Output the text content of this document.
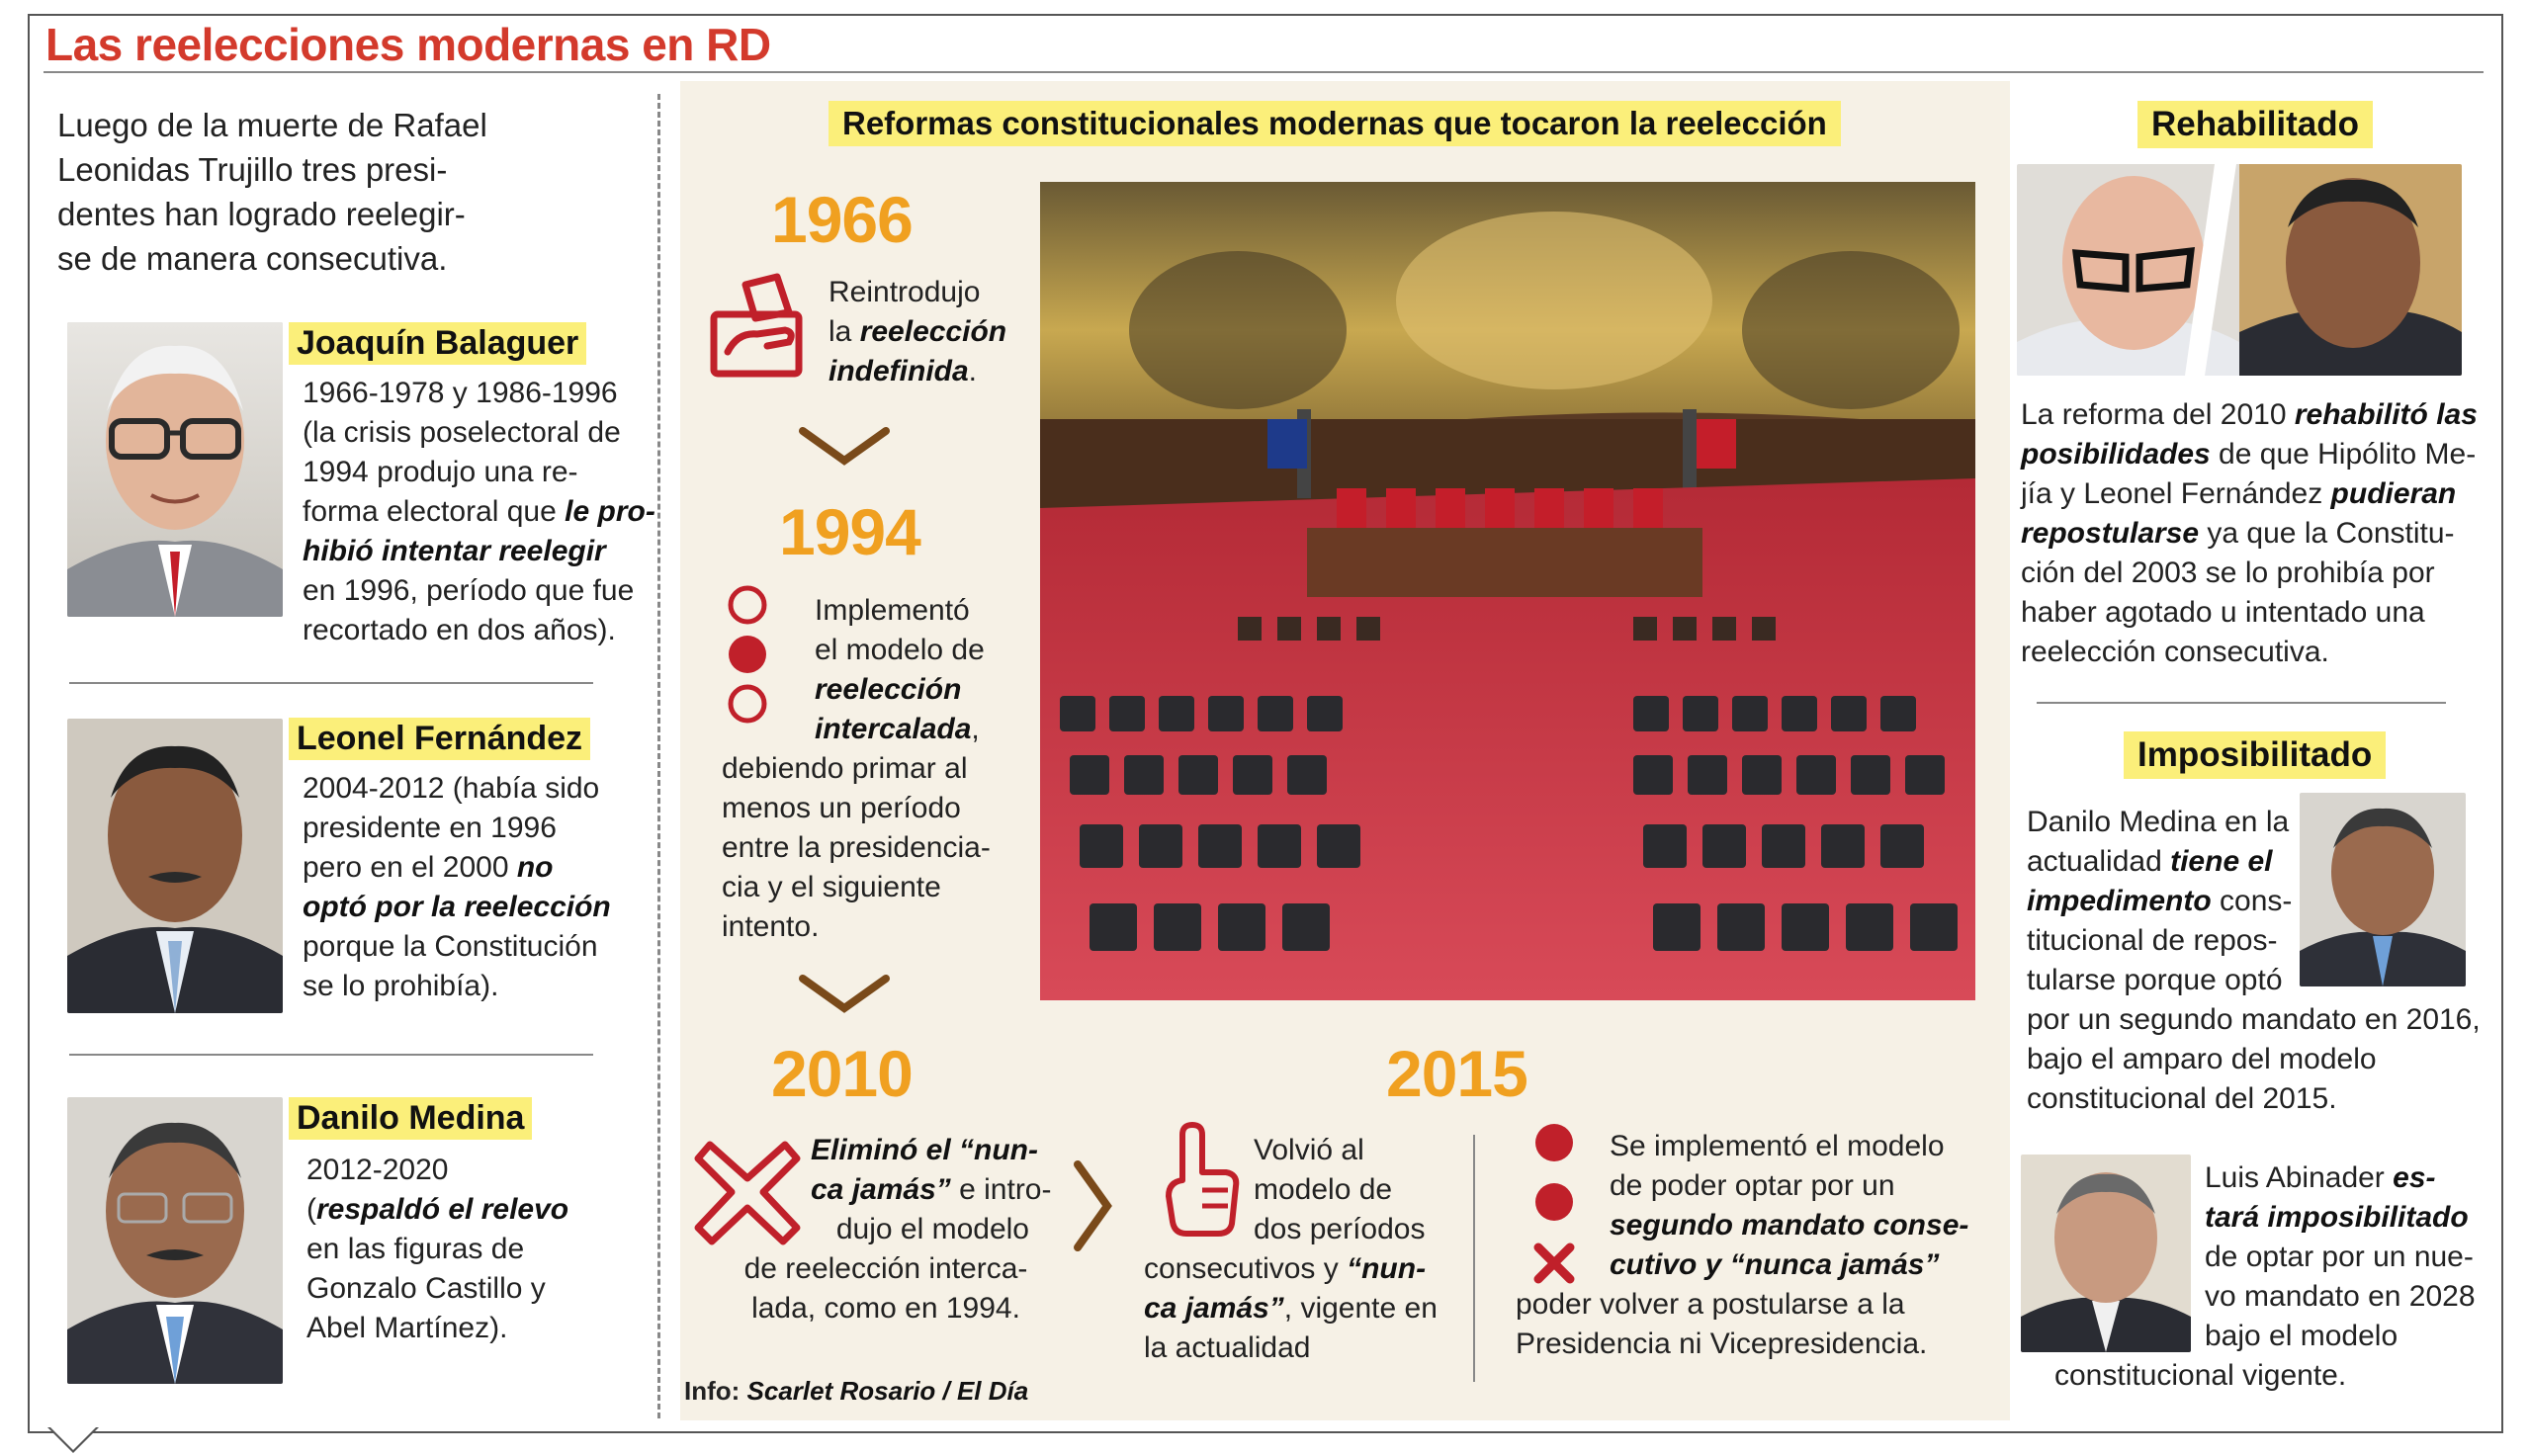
Las reelecciones modernas en RD
Luego de la muerte de Rafael
Leonidas Trujillo tres presi-
dentes han logrado reelegir-
se de manera consecutiva.
Joaquín Balaguer
1966-1978 y 1986-1996
(la crisis poselectoral de
1994 produjo una re-
forma electoral que le pro-
hibió intentar reelegir
en 1996, período que fue
recortado en dos años).
Leonel Fernández
2004-2012 (había sido
presidente en 1996
pero en el 2000 no
optó por la reelección
porque la Constitución
se lo prohibía).
Danilo Medina
2012-2020
(respaldó el relevo
en las figuras de
Gonzalo Castillo y
Abel Martínez).
Reformas constitucionales modernas que tocaron la reelección
1966
Reintrodujo
la reelección
indefinida.
1994
Implementó
el modelo de
reelección
intercalada,
debiendo primar al
menos un período
entre la presidencia-
cia y el siguiente
intento.
2010
Eliminó el “nun-
ca jamás” e intro-
dujo el modelo
de reelección interca-
lada, como en 1994.
2015
Volvió al
modelo de
dos períodos
consecutivos y “nun-
ca jamás”, vigente en
la actualidad
Se implementó el modelo
de poder optar por un
segundo mandato conse-
cutivo y “nunca jamás”
poder volver a postularse a la
Presidencia ni Vicepresidencia.
Info: Scarlet Rosario / El Día
Rehabilitado
La reforma del 2010 rehabilitó las
posibilidades de que Hipólito Me-
jía y Leonel Fernández pudieran
repostularse ya que la Constitu-
ción del 2003 se lo prohibía por
haber agotado u intentado una
reelección consecutiva.
Imposibilitado
Danilo Medina en la
actualidad tiene el
impedimento cons-
titucional de repos-
tularse porque optó
por un segundo mandato en 2016,
bajo el amparo del modelo
constitucional del 2015.
Luis Abinader es-
tará imposibilitado
de optar por un nue-
vo mandato en 2028
bajo el modelo
constitucional vigente.
